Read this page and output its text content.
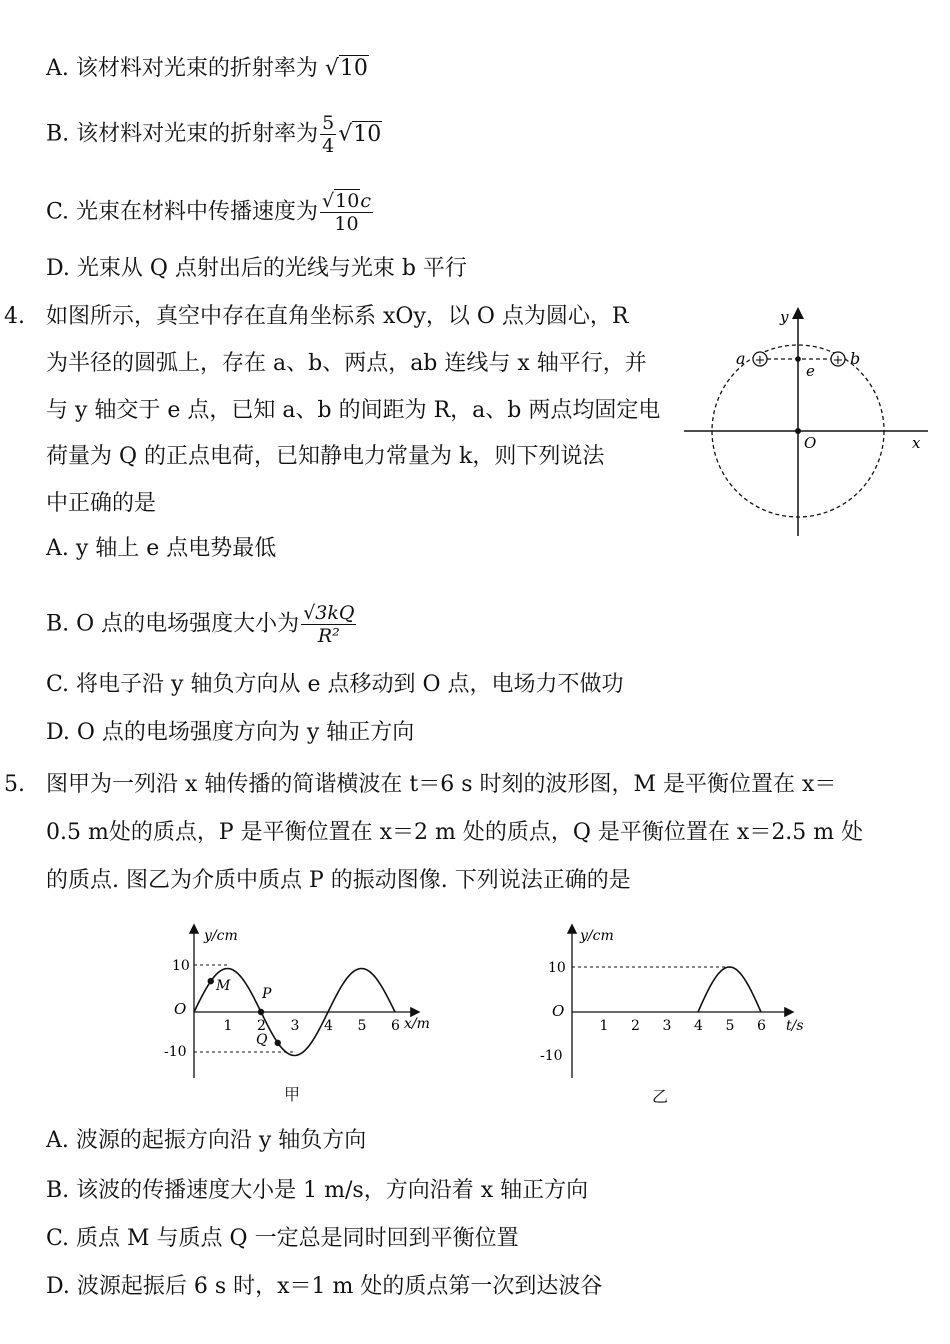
A. 该材料对光束的折射率为 √10
B. 该材料对光束的折射率为 $\frac{5}{4} √10$
C. 光束在材料中传播速度为 $\frac{√10c}{10}$
D. 光束从 Q 点射出后的光线与光束 b 平行
4. 如图所示，真空中存在直角坐标系 xOy，以 O 点为圆心，R
为半径的圆弧上，存在 a、b、两点，ab 连线与 x 轴平行，并
与 y 轴交于 e 点，已知 a、b 的间距为 R，a、b 两点均固定电
荷量为 Q 的正点电荷，已知静电力常量为 k，则下列说法
中正确的是
+	+
a	b
e
O
y
x
A. y 轴上 e 点电势最低
B. O 点的电场强度大小为 $\frac{√3kQ}{\text{R²}}$
C. 将电子沿 y 轴负方向从 e 点移动到 O 点，电场力不做功
D. O 点的电场强度方向为 y 轴正方向
5. 图甲为一列沿 x 轴传播的简谐横波在 t＝6 s 时刻的波形图，M 是平衡位置在 x＝
0.5 m处的质点，P 是平衡位置在 x＝2 m 处的质点，Q 是平衡位置在 x＝2.5 m 处
的质点. 图乙为介质中质点 P 的振动图像. 下列说法正确的是
y/cm
x/m
O
10
-10
1 2 3 4 5 6
M P
Q
甲
y/cm
t/s
O
10
-10
1 2 3 4 5 6
乙
A. 波源的起振方向沿 y 轴负方向
B. 该波的传播速度大小是 1 m/s，方向沿着 x 轴正方向
C. 质点 M 与质点 Q 一定总是同时回到平衡位置
D. 波源起振后 6 s 时，x＝1 m 处的质点第一次到达波谷
